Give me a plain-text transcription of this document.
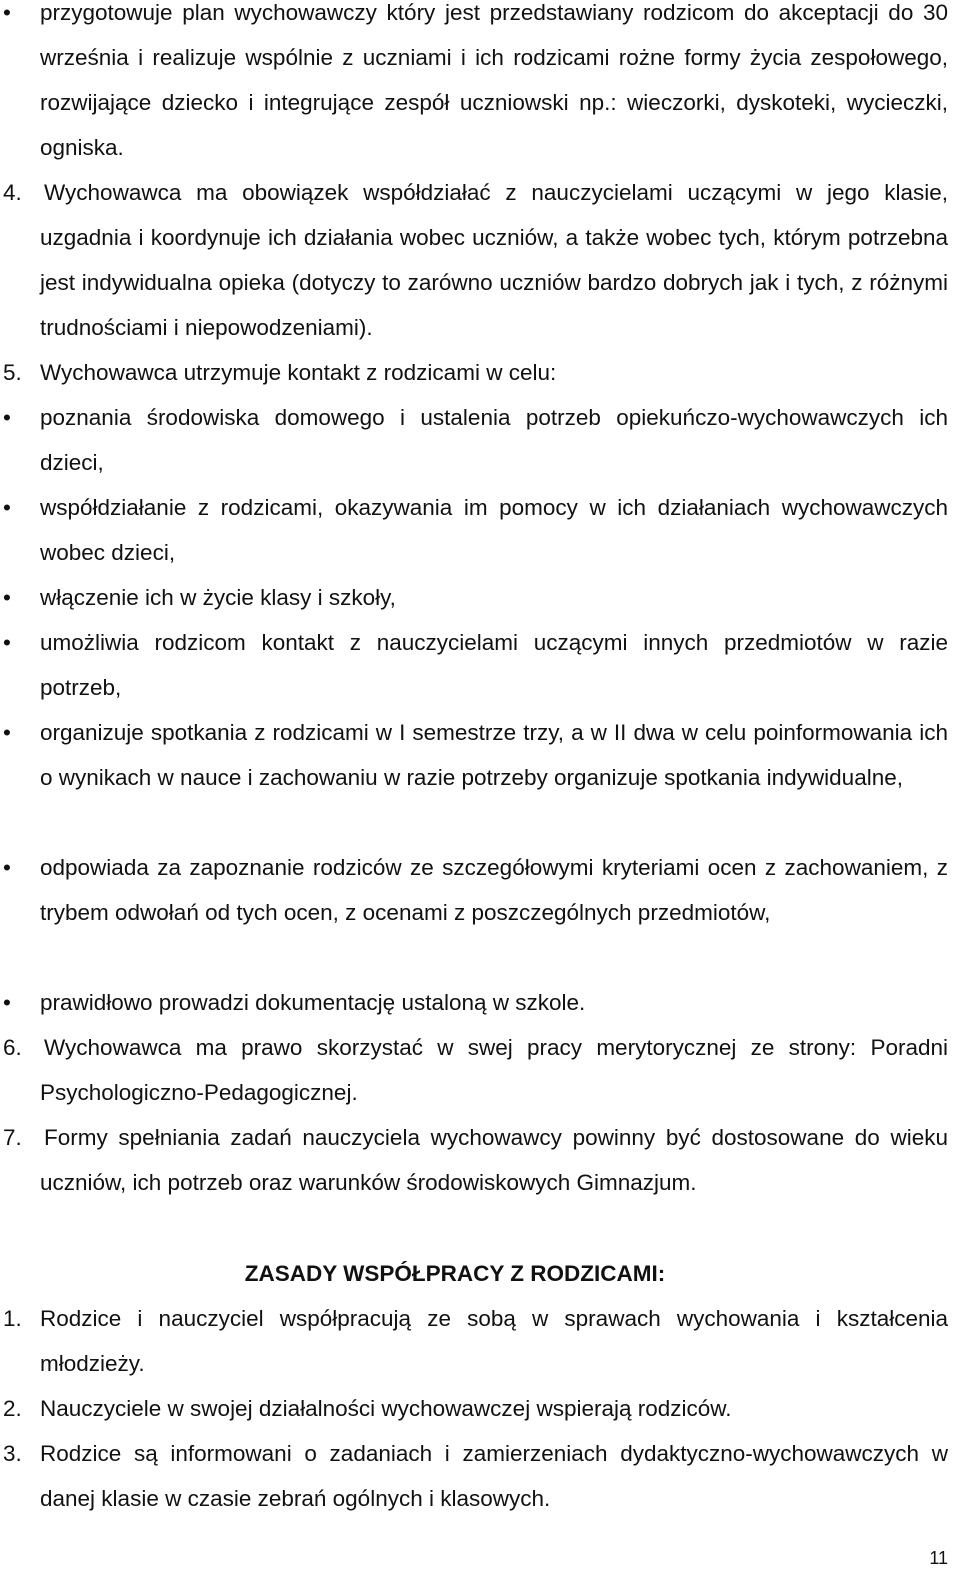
• przygotowuje plan wychowawczy który jest przedstawiany rodzicom do akceptacji do 30 września i realizuje wspólnie z uczniami i ich rodzicami rożne formy życia zespołowego, rozwijające dziecko i integrujące zespół uczniowski np.: wieczorki, dyskoteki, wycieczki, ogniska.
4. Wychowawca ma obowiązek współdziałać z nauczycielami uczącymi w jego klasie, uzgadnia i koordynuje ich działania wobec uczniów, a także wobec tych, którym potrzebna jest indywidualna opieka (dotyczy to zarówno uczniów bardzo dobrych jak i tych, z różnymi trudnościami i niepowodzeniami).
5. Wychowawca utrzymuje kontakt z rodzicami w celu:
• poznania środowiska domowego i ustalenia potrzeb opiekuńczo-wychowawczych ich dzieci,
• współdziałanie z rodzicami, okazywania im pomocy w ich działaniach wychowawczych wobec dzieci,
• włączenie ich w życie klasy i szkoły,
• umożliwia rodzicom kontakt z nauczycielami uczącymi innych przedmiotów w razie potrzeb,
• organizuje spotkania z rodzicami w I semestrze trzy, a w II dwa w celu poinformowania ich o wynikach w nauce i zachowaniu w razie potrzeby organizuje spotkania indywidualne,
• odpowiada za zapoznanie rodziców ze szczegółowymi kryteriami ocen z zachowaniem, z trybem odwołań od tych ocen, z ocenami z poszczególnych przedmiotów,
• prawidłowo prowadzi dokumentację ustaloną w szkole.
6. Wychowawca ma prawo skorzystać w swej pracy merytorycznej ze strony: Poradni Psychologiczno-Pedagogicznej.
7. Formy spełniania zadań nauczyciela wychowawcy powinny być dostosowane do wieku uczniów, ich potrzeb oraz warunków środowiskowych Gimnazjum.
ZASADY WSPÓŁPRACY Z RODZICAMI:
1. Rodzice i nauczyciel współpracują ze sobą w sprawach wychowania i kształcenia młodzieży.
2. Nauczyciele w swojej działalności wychowawczej wspierają rodziców.
3. Rodzice są informowani o zadaniach i zamierzeniach dydaktyczno-wychowawczych w danej klasie w czasie zebrań ogólnych i klasowych.
11
